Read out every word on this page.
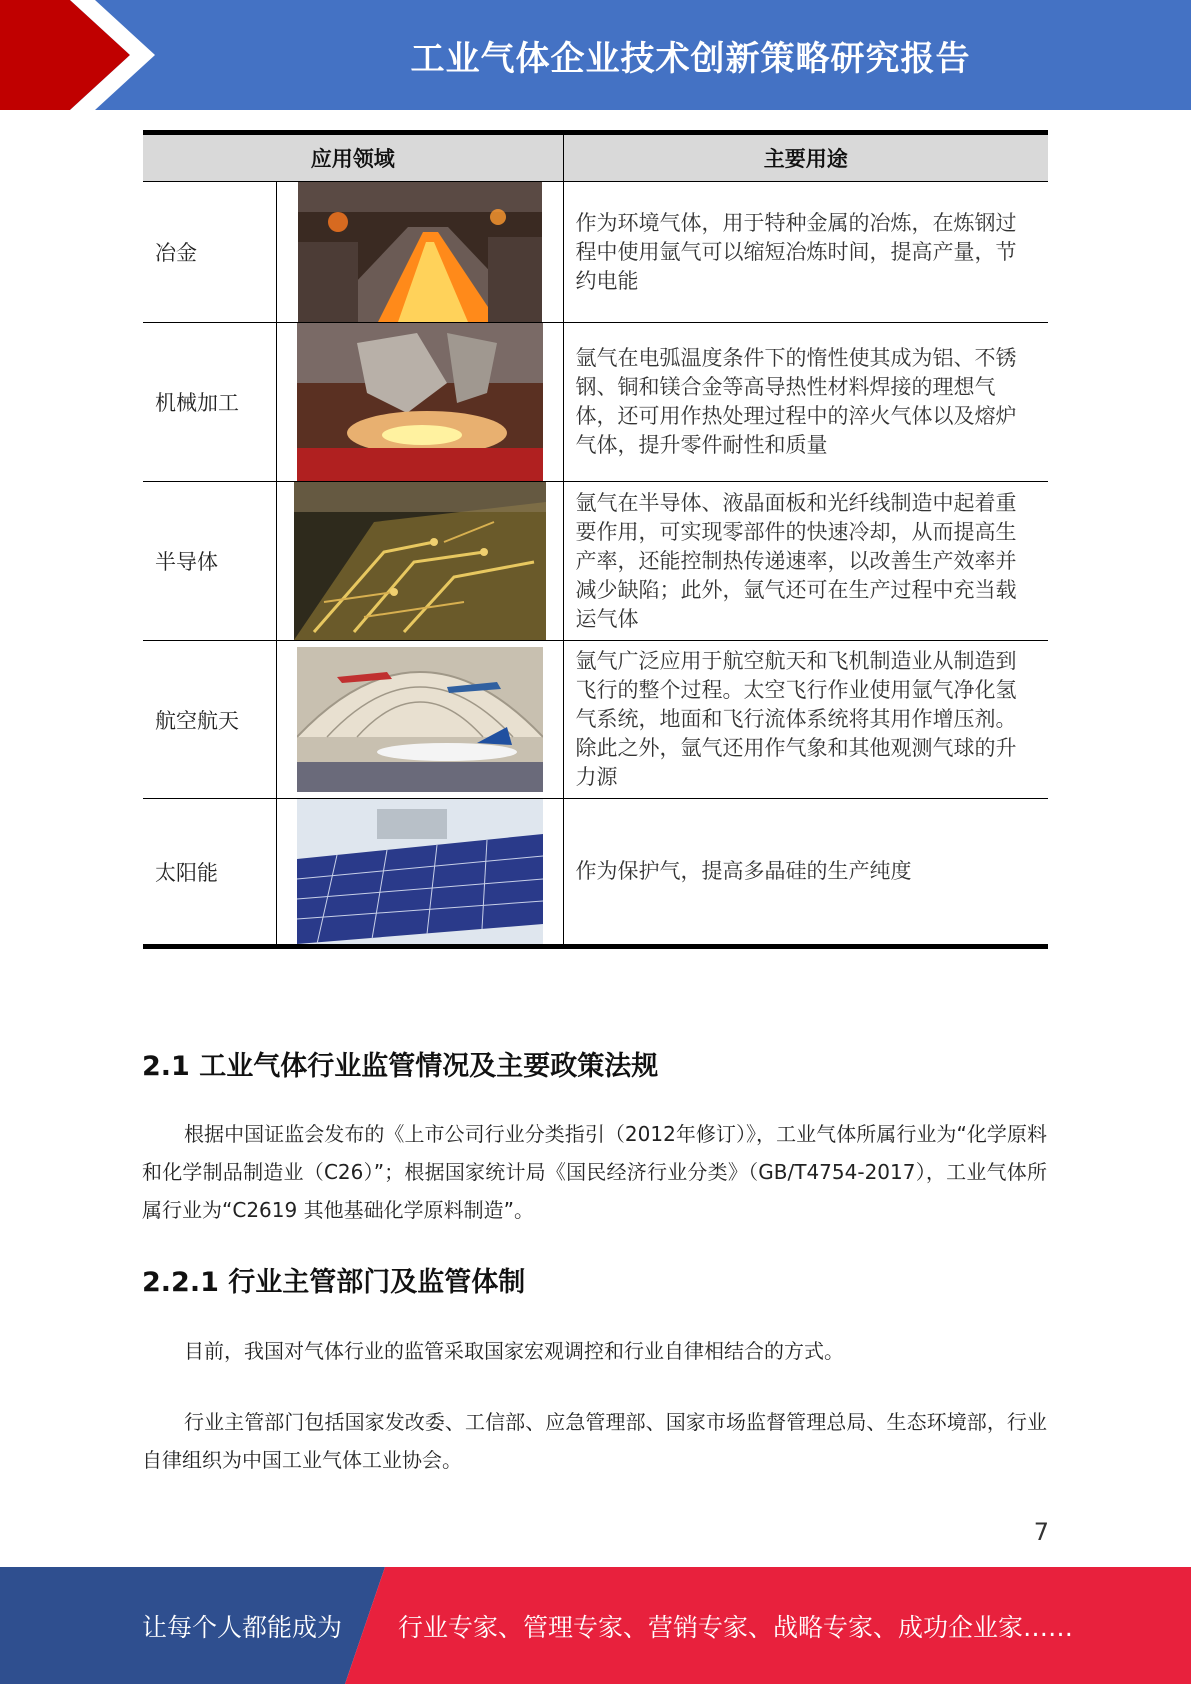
工业气体企业技术创新策略研究报告
应用领域		主要用途
冶金		作为环境气体，用于特种金属的冶炼，在炼钢过程中使用氩气可以缩短冶炼时间，提高产量，节约电能
机械加工		氩气在电弧温度条件下的惰性使其成为铝、不锈钢、铜和镁合金等高导热性材料焊接的理想气体，还可用作热处理过程中的淬火气体以及熔炉气体，提升零件耐性和质量
半导体		氩气在半导体、液晶面板和光纤线制造中起着重要作用，可实现零部件的快速冷却，从而提高生产率，还能控制热传递速率，以改善生产效率并减少缺陷；此外，氩气还可在生产过程中充当载运气体
航空航天		氩气广泛应用于航空航天和飞机制造业从制造到飞行的整个过程。太空飞行作业使用氩气净化氢气系统，地面和飞行流体系统将其用作增压剂。除此之外，氩气还用作气象和其他观测气球的升力源
太阳能		作为保护气，提高多晶硅的生产纯度
2.1 工业气体行业监管情况及主要政策法规
根据中国证监会发布的《上市公司行业分类指引（2012年修订）》，工业气体所属行业为“化学原料和化学制品制造业（C26）”；根据国家统计局《国民经济行业分类》（GB/T4754-2017），工业气体所属行业为“C2619 其他基础化学原料制造”。
2.2.1 行业主管部门及监管体制
目前，我国对气体行业的监管采取国家宏观调控和行业自律相结合的方式。
行业主管部门包括国家发改委、工信部、应急管理部、国家市场监督管理总局、生态环境部，行业自律组织为中国工业气体工业协会。
7
让每个人都能成为 行业专家、管理专家、营销专家、战略专家、成功企业家……
